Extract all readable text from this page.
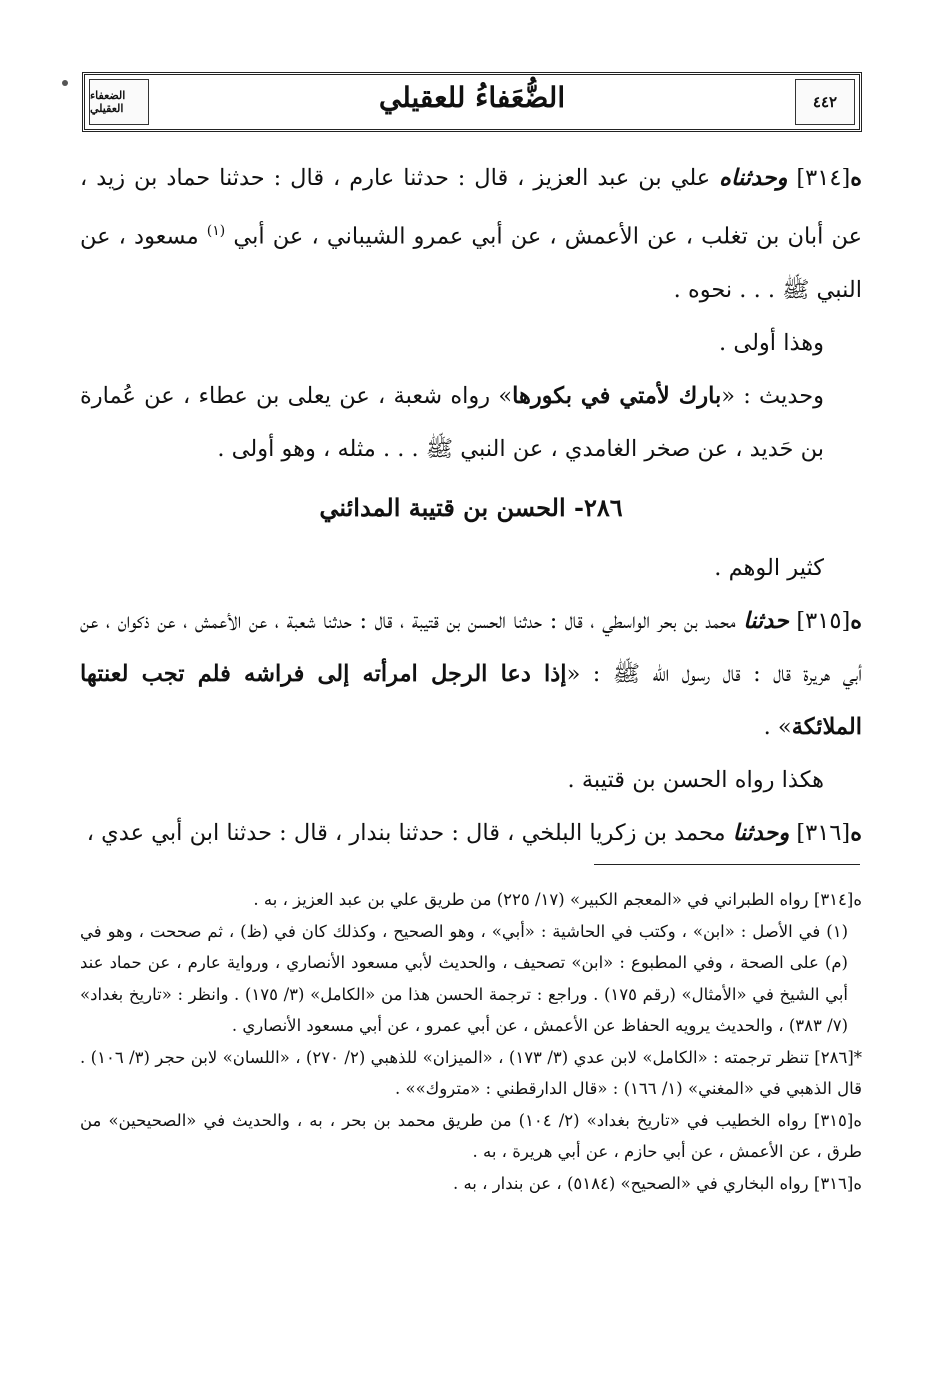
٤٤٢
الضُّعَفاءُ للعقيلي
الضعفاء العقيلي

ە[٣١٤] وحدثناه علي بن عبد العزيز ، قال : حدثنا عارم ، قال : حدثنا حماد بن زيد ، عن أبان بن تغلب ، عن الأعمش ، عن أبي عمرو الشيباني ، عن أبي $^{(١)}$ مسعود ، عن النبي ﷺ . . . نحوه .

وهذا أولى .

وحديث : «بارك لأمتي في بكورها» رواه شعبة ، عن يعلى بن عطاء ، عن عُمارة بن حَديد ، عن صخر الغامدي ، عن النبي ﷺ . . . مثله ، وهو أولى .

٢٨٦- الحسن بن قتيبة المدائني

كثير الوهم .

ە[٣١٥] حدثنا محمد بن بحر الواسطي ، قال : حدثنا الحسن بن قتيبة ، قال : حدثنا شعبة ، عن الأعمش ، عن ذكوان ، عن أبي هريرة قال : قال رسول الله ﷺ : «إذا دعا الرجل امرأته إلى فراشه فلم تجب لعنتها الملائكة» .

هكذا رواه الحسن بن قتيبة .

ە[٣١٦] وحدثنا محمد بن زكريا البلخي ، قال : حدثنا بندار ، قال : حدثنا ابن أبي عدي ،

ە[٣١٤] رواه الطبراني في «المعجم الكبير» (١٧/ ٢٢٥) من طريق علي بن عبد العزيز ، به .

(١) في الأصل : «ابن» ، وكتب في الحاشية : «أبي» ، وهو الصحيح ، وكذلك كان في (ظ) ، ثم صححت ، وهو في (م) على الصحة ، وفي المطبوع : «ابن» تصحيف ، والحديث لأبي مسعود الأنصاري ، ورواية عارم ، عن حماد عند أبي الشيخ في «الأمثال» (رقم ١٧٥) . وراجع : ترجمة الحسن هذا من «الكامل» (٣/ ١٧٥) . وانظر : «تاريخ بغداد» (٧/ ٣٨٣) ، والحديث يرويه الحفاظ عن الأعمش ، عن أبي عمرو ، عن أبي مسعود الأنصاري .

*[٢٨٦] تنظر ترجمته : «الكامل» لابن عدي (٣/ ١٧٣) ، «الميزان» للذهبي (٢/ ٢٧٠) ، «اللسان» لابن حجر (٣/ ١٠٦) . قال الذهبي في «المغني» (١/ ١٦٦) : «قال الدارقطني : «متروك»» .

ە[٣١٥] رواه الخطيب في «تاريخ بغداد» (٢/ ١٠٤) من طريق محمد بن بحر ، به ، والحديث في «الصحيحين» من طرق ، عن الأعمش ، عن أبي حازم ، عن أبي هريرة ، به .

ە[٣١٦] رواه البخاري في «الصحيح» (٥١٨٤) ، عن بندار ، به .
